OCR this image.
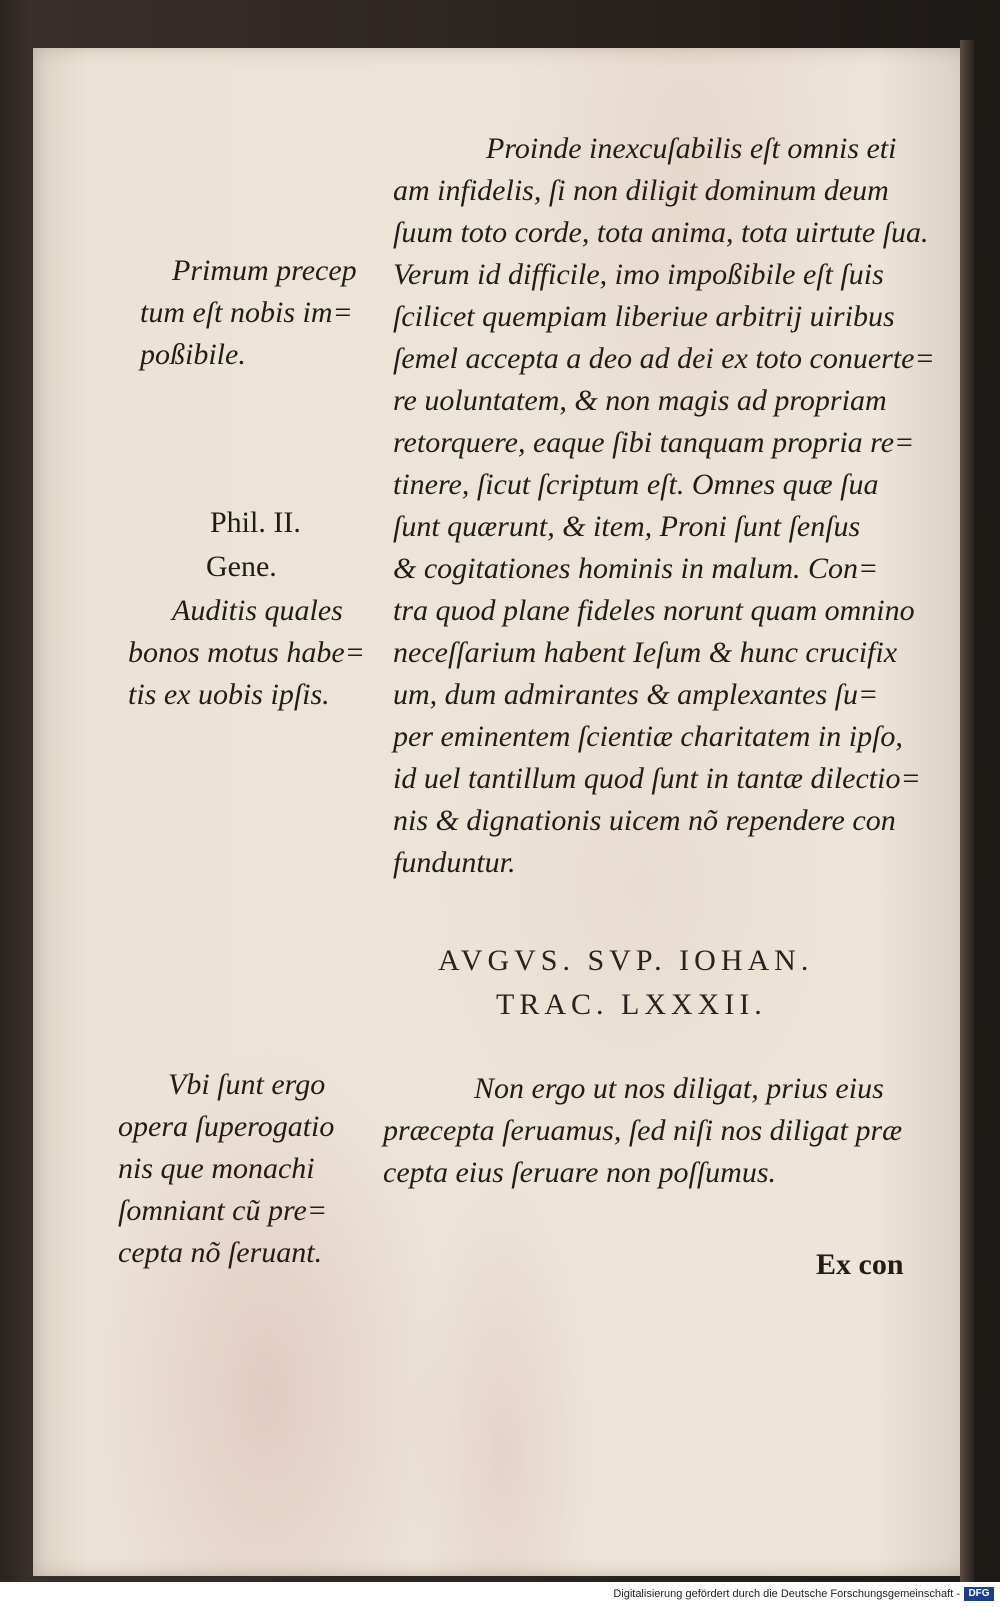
Proinde inexcuſabilis eſt omnis eti
am infidelis, ſi non diligit dominum deum
ſuum toto corde, tota anima, tota uirtute ſua.
Verum id difficile, imo impoßibile eſt ſuis
ſcilicet quempiam liberiue arbitrij uiribus
ſemel accepta a deo ad dei ex toto conuerte=
re uoluntatem, & non magis ad propriam
retorquere, eaque ſibi tanquam propria re=
tinere, ſicut ſcriptum eſt. Omnes quæ ſua
ſunt quærunt, & item, Proni ſunt ſenſus
& cogitationes hominis in malum. Con=
tra quod plane fideles norunt quam omnino
neceſſarium habent Ieſum & hunc crucifix
um, dum admirantes & amplexantes ſu=
per eminentem ſcientiæ charitatem in ipſo,
id uel tantillum quod ſunt in tantæ dilectio=
nis & dignationis uicem nõ rependere con
funduntur.
AVGVS. SVP. IOHAN.
TRAC. LXXXII.
Non ergo ut nos diligat, prius eius
præcepta ſeruamus, ſed niſi nos diligat præ
cepta eius ſeruare non poſſumus.
Ex con
Primum precep
tum eſt nobis im=
poßibile.
Phil. II.
Gene.
Auditis quales
bonos motus habe=
tis ex uobis ipſis.
Vbi ſunt ergo
opera ſuperogatio
nis que monachi
ſomniant cũ pre=
cepta nõ ſeruant.
Digitalisierung gefördert durch die Deutsche Forschungsgemeinschaft - DFG
